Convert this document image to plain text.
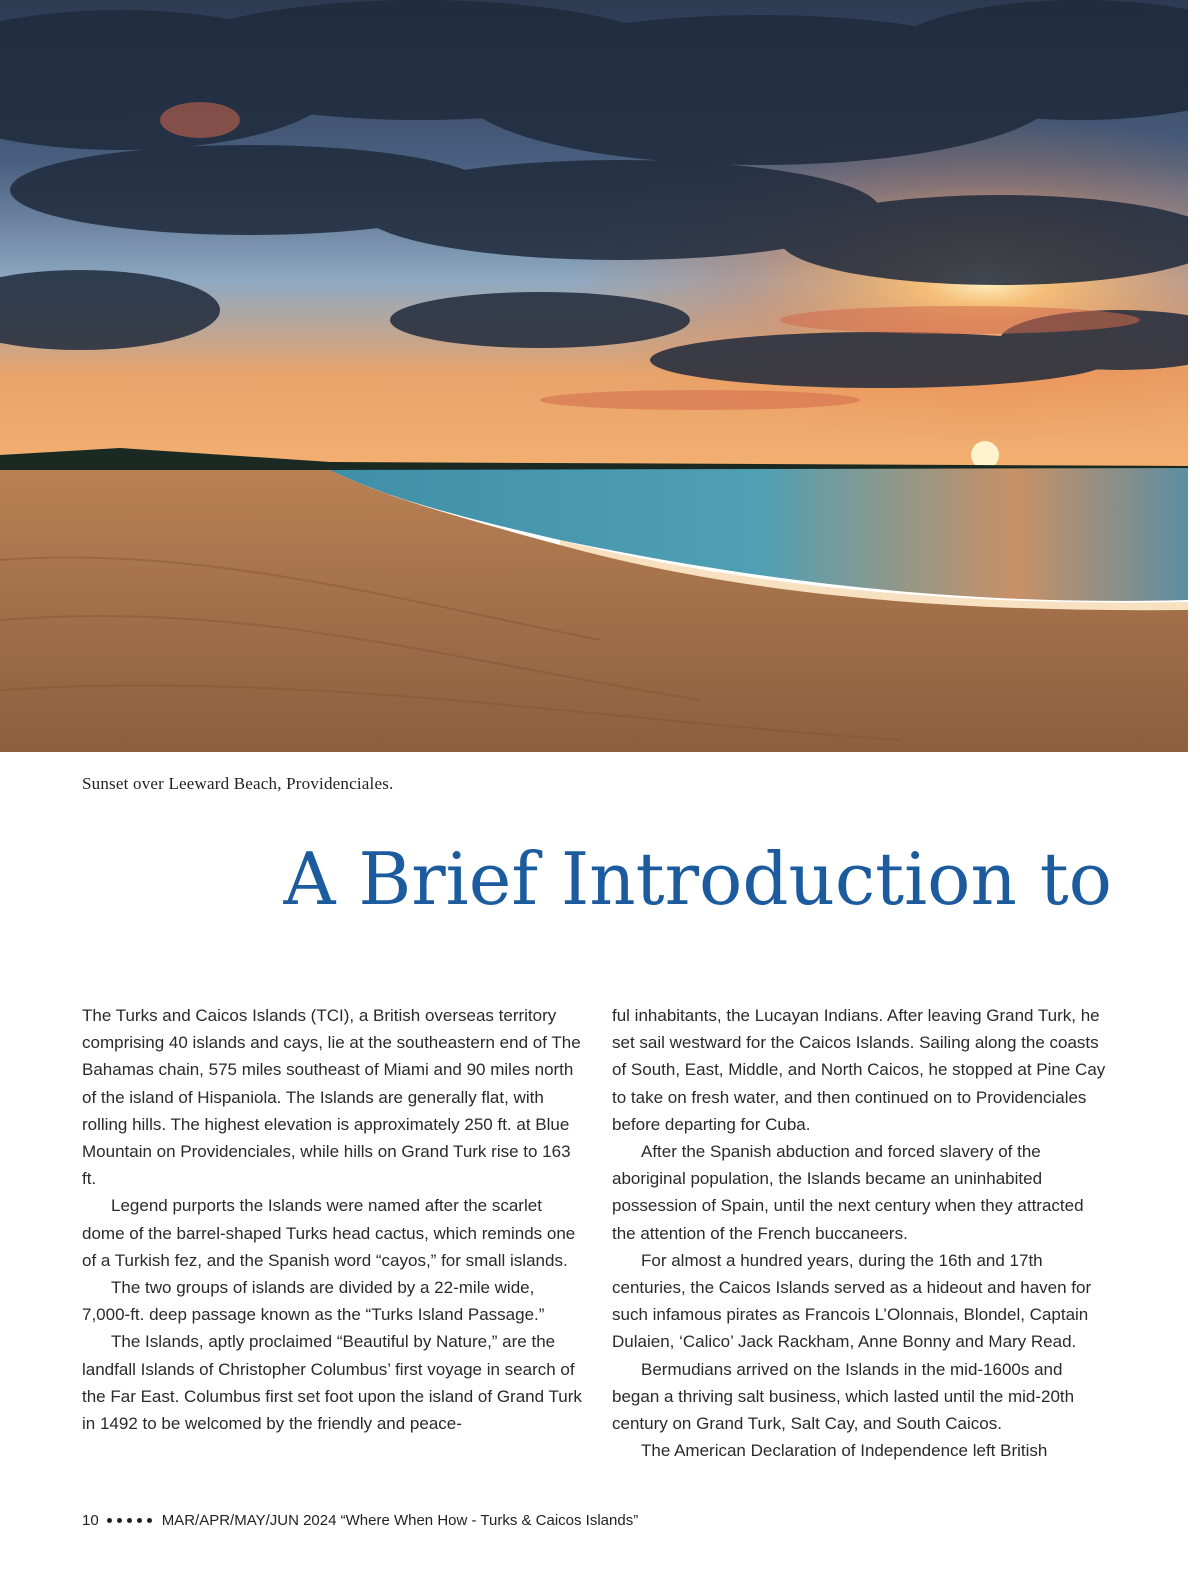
Sunset over Leeward Beach, Providenciales.
A Brief Introduction to

The Turks and Caicos Islands (TCI), a British overseas territory comprising 40 islands and cays, lie at the southeastern end of The Bahamas chain, 575 miles southeast of Miami and 90 miles north of the island of Hispaniola. The Islands are generally flat, with rolling hills. The highest elevation is approximately 250 ft. at Blue Mountain on Providenciales, while hills on Grand Turk rise to 163 ft.

Legend purports the Islands were named after the scarlet dome of the barrel-shaped Turks head cactus, which reminds one of a Turkish fez, and the Spanish word “cayos,” for small islands.

The two groups of islands are divided by a 22-mile wide, 7,000-ft. deep passage known as the “Turks Island Passage.”

The Islands, aptly proclaimed “Beautiful by Nature,” are the landfall Islands of Christopher Columbus’ first voyage in search of the Far East. Columbus first set foot upon the island of Grand Turk in 1492 to be welcomed by the friendly and peace-

ful inhabitants, the Lucayan Indians. After leaving Grand Turk, he set sail westward for the Caicos Islands. Sailing along the coasts of South, East, Middle, and North Caicos, he stopped at Pine Cay to take on fresh water, and then continued on to Providenciales before departing for Cuba.

After the Spanish abduction and forced slavery of the aboriginal population, the Islands became an uninhabited possession of Spain, until the next century when they attracted the attention of the French buccaneers.

For almost a hundred years, during the 16th and 17th centuries, the Caicos Islands served as a hideout and haven for such infamous pirates as Francois L’Olonnais, Blondel, Captain Dulaien, ‘Calico’ Jack Rackham, Anne Bonny and Mary Read.

Bermudians arrived on the Islands in the mid-1600s and began a thriving salt business, which lasted until the mid-20th century on Grand Turk, Salt Cay, and South Caicos.

The American Declaration of Independence left British

10	MAR/APR/MAY/JUN 2024 “Where When How - Turks & Caicos Islands”
